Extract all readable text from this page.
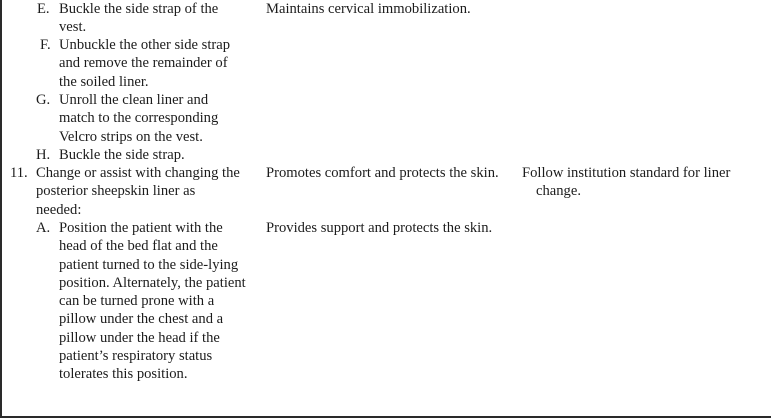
E. Buckle the side strap of the vest.
Maintains cervical immobilization.
F. Unbuckle the other side strap and remove the remainder of the soiled liner.
G. Unroll the clean liner and match to the corresponding Velcro strips on the vest.
H. Buckle the side strap.
11. Change or assist with changing the posterior sheepskin liner as needed:
Promotes comfort and protects the skin.	Follow institution standard for liner change.
A. Position the patient with the head of the bed flat and the patient turned to the side-lying position. Alternately, the patient can be turned prone with a pillow under the chest and a pillow under the head if the patient’s respiratory status tolerates this position.
Provides support and protects the skin.
